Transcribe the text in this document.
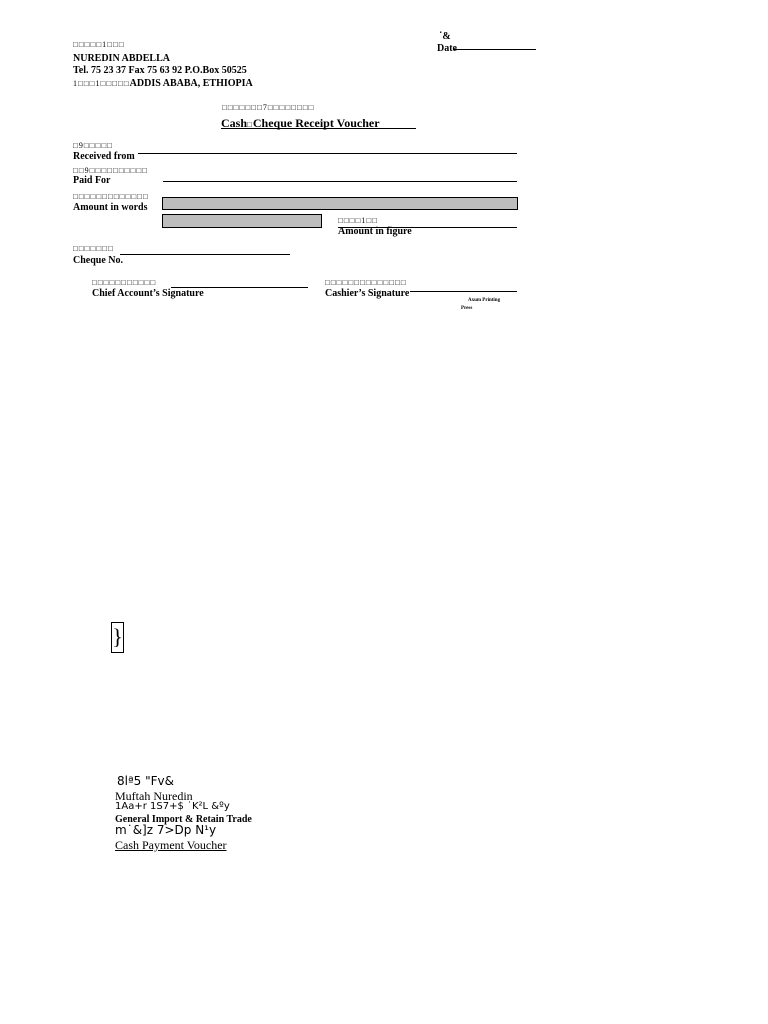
□□□□□1□□□
NUREDIN ABDELLA
Tel. 75 23 37 Fax 75 63 92 P.O.Box 50525
1□□□1□□□□□ADDIS ABABA, ETHIOPIA
˙&
Date
□□□□□□□7□□□□□□□□
Cash□Cheque Receipt Voucher
□9□□□□□
Received from
□□9□□□□□□□□□□
Paid For
□□□□□□□□□□□□□
Amount in words
□□□□1□□
Amount in figure
□□□□□□□
Cheque No.
□□□□□□□□□□□
Chief Account’s Signature
□□□□□□□□□□□□□□
Cashier’s Signature
Axum Printing
Press
}
8lª5 "Fv&
Muftah Nuredin
1Aa+r 1S7+$ ˙K²L &ºy
General Import & Retain Trade
m˙&]z 7>Dp N¹y
Cash Payment Voucher
